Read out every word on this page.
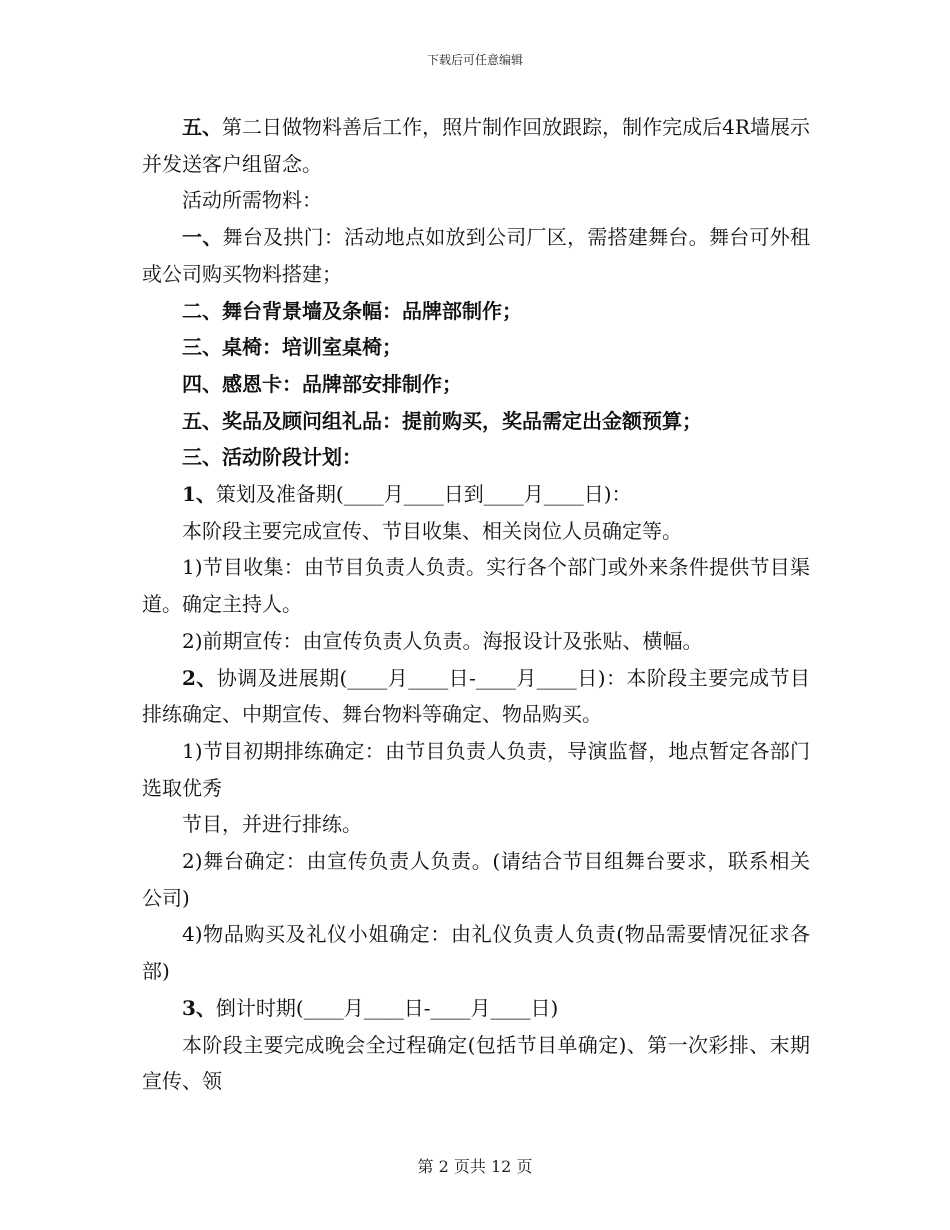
下载后可任意编辑

五、第二日做物料善后工作，照片制作回放跟踪，制作完成后4R墙展示并发送客户组留念。

活动所需物料：

一、舞台及拱门：活动地点如放到公司厂区，需搭建舞台。舞台可外租或公司购买物料搭建；

二、舞台背景墙及条幅：品牌部制作；

三、桌椅：培训室桌椅；

四、感恩卡：品牌部安排制作；

五、奖品及顾问组礼品：提前购买，奖品需定出金额预算；

三、活动阶段计划：

1、策划及准备期(____月____日到____月____日)：

本阶段主要完成宣传、节目收集、相关岗位人员确定等。

1)节目收集：由节目负责人负责。实行各个部门或外来条件提供节目渠道。确定主持人。

2)前期宣传：由宣传负责人负责。海报设计及张贴、横幅。

2、协调及进展期(____月____日-____月____日)：本阶段主要完成节目排练确定、中期宣传、舞台物料等确定、物品购买。

1)节目初期排练确定：由节目负责人负责，导演监督，地点暂定各部门选取优秀

节目，并进行排练。

2)舞台确定：由宣传负责人负责。(请结合节目组舞台要求，联系相关公司)

4)物品购买及礼仪小姐确定：由礼仪负责人负责(物品需要情况征求各部)

3、倒计时期(____月____日-____月____日)

本阶段主要完成晚会全过程确定(包括节目单确定)、第一次彩排、末期宣传、领

第 2 页共 12 页
